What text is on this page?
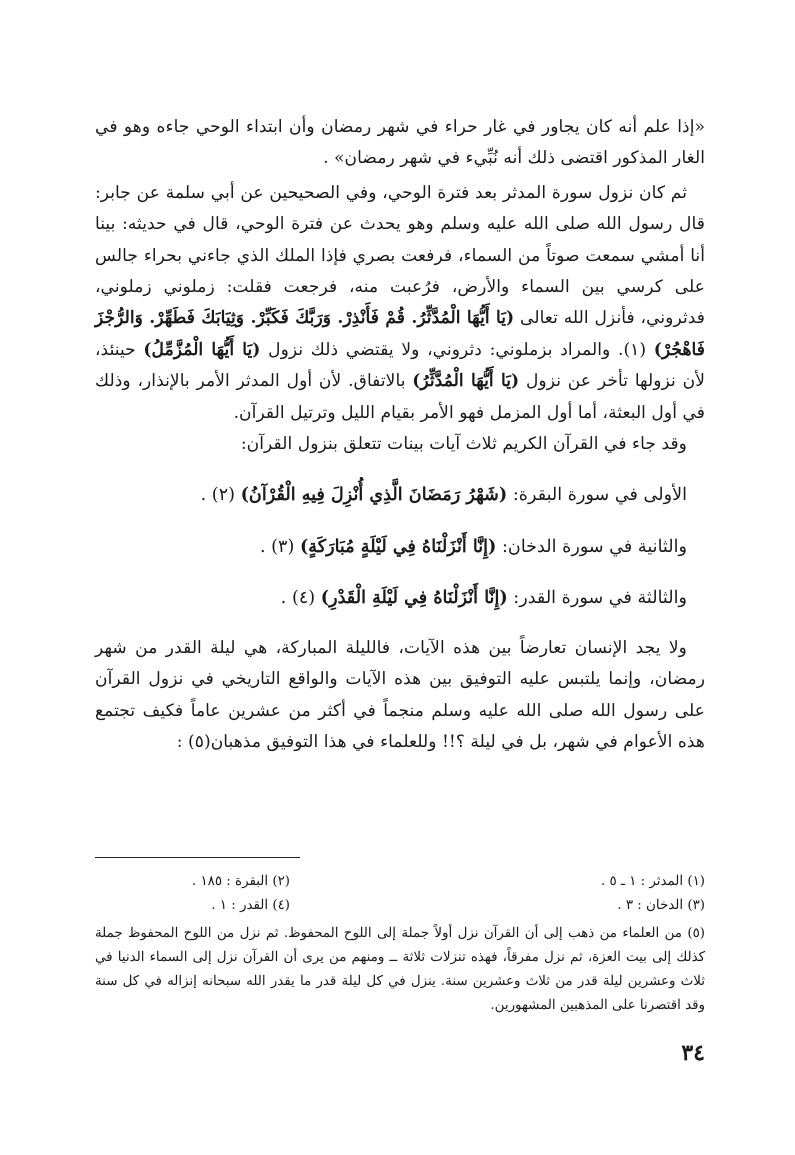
«إذا علم أنه كان يجاور في غار حراء في شهر رمضان وأن ابتداء الوحي جاءه وهو في الغار المذكور اقتضى ذلك أنه نُبِّيء في شهر رمضان» .

ثم كان نزول سورة المدثر بعد فترة الوحي، وفي الصحيحين عن أبي سلمة عن جابر: قال رسول الله صلى الله عليه وسلم وهو يحدث عن فترة الوحي، قال في حديثه: بينا أنا أمشي سمعت صوتاً من السماء، فرفعت بصري فإذا الملك الذي جاءني بحراء جالس على كرسي بين السماء والأرض، فرُعبت منه، فرجعت فقلت: زملوني زملوني، فدثروني، فأنزل الله تعالى (يَا أَيُّهَا الْمُدَّثِّرُ. قُمْ فَأَنْذِرْ. وَرَبَّكَ فَكَبِّرْ. وَثِيَابَكَ فَطَهِّرْ. وَالرُّجْزَ فَاهْجُرْ) (١). والمراد بزملوني: دثروني، ولا يقتضي ذلك نزول (يَا أَيُّهَا الْمُزَّمِّلُ) حينئذ، لأن نزولها تأخر عن نزول (يَا أَيُّهَا الْمُدَّثِّرُ) بالاتفاق. لأن أول المدثر الأمر بالإنذار، وذلك في أول البعثة، أما أول المزمل فهو الأمر بقيام الليل وترتيل القرآن.

وقد جاء في القرآن الكريم ثلاث آيات بينات تتعلق بنزول القرآن:

الأولى في سورة البقرة: (شَهْرُ رَمَضَانَ الَّذِي أُنْزِلَ فِيهِ الْقُرْآنُ) (٢) .

والثانية في سورة الدخان: (إِنَّا أَنْزَلْنَاهُ فِي لَيْلَةٍ مُبَارَكَةٍ) (٣) .

والثالثة في سورة القدر: (إِنَّا أَنْزَلْنَاهُ فِي لَيْلَةِ الْقَدْرِ) (٤) .

ولا يجد الإنسان تعارضاً بين هذه الآيات، فالليلة المباركة، هي ليلة القدر من شهر رمضان، وإنما يلتبس عليه التوفيق بين هذه الآيات والواقع التاريخي في نزول القرآن على رسول الله صلى الله عليه وسلم منجماً في أكثر من عشرين عاماً فكيف تجتمع هذه الأعوام في شهر، بل في ليلة ؟!! وللعلماء في هذا التوفيق مذهبان(٥) :

(١) المدثر : ١ ـ ٥ .
(٢) البقرة : ١٨٥ .
(٣) الدخان : ٣ .
(٤) القدر : ١ .
(٥) من العلماء من ذهب إلى أن القرآن نزل أولاً جملة إلى اللوح المحفوظ. ثم نزل من اللوح المحفوظ جملة كذلك إلى بيت العزة، ثم نزل مفرقاً، فهذه تنزلات ثلاثة ــ ومنهم من يرى أن القرآن نزل إلى السماء الدنيا في ثلاث وعشرين ليلة قدر من ثلاث وعشرين سنة. ينزل في كل ليلة قدر ما يقدر الله سبحانه إنزاله في كل سنة وقد اقتصرنا على المذهبين المشهورين.
٣٤
